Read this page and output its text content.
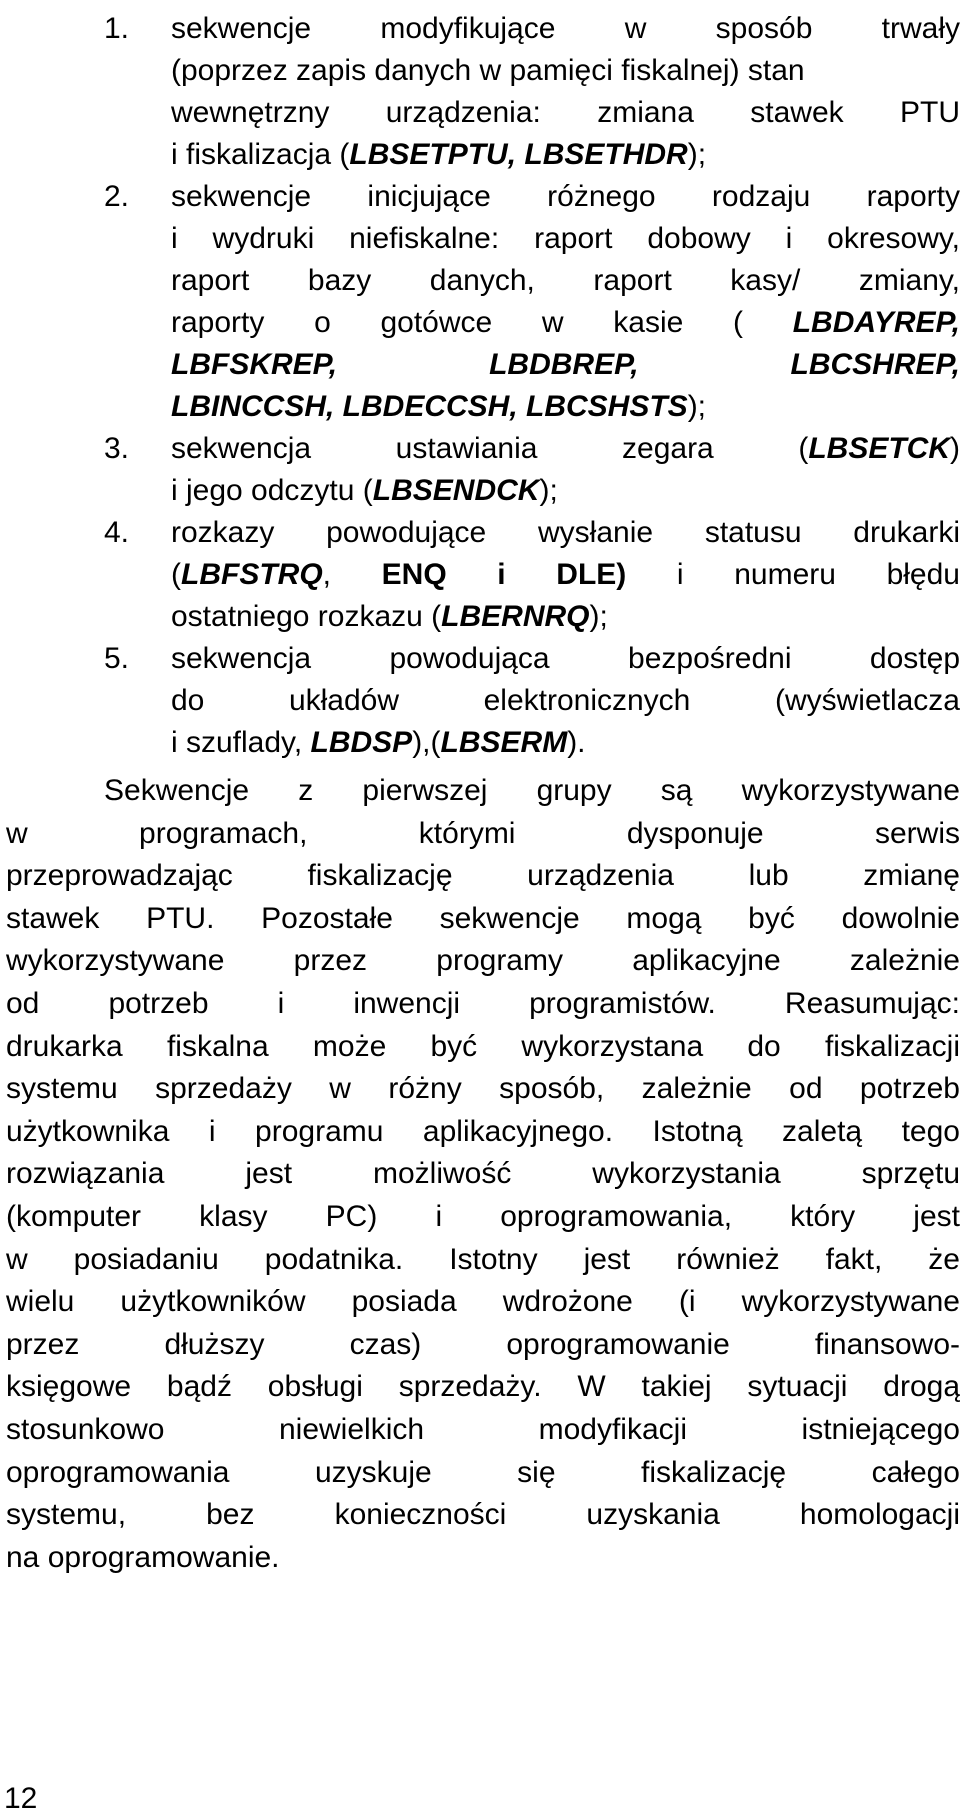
1. sekwencje modyfikujące w sposób trwały
(poprzez zapis danych w pamięci fiskalnej) stan
wewnętrzny urządzenia: zmiana stawek PTU
i fiskalizacja (LBSETPTU, LBSETHDR);
2. sekwencje inicjujące różnego rodzaju raporty
i wydruki niefiskalne: raport dobowy i okresowy,
raport bazy danych, raport kasy/ zmiany,
raporty o gotówce w kasie ( LBDAYREP,
LBFSKREP, LBDBREP, LBCSHREP,
LBINCCSH, LBDECCSH, LBCSHSTS);
3. sekwencja ustawiania zegara (LBSETCK)
i jego odczytu (LBSENDCK);
4. rozkazy powodujące wysłanie statusu drukarki
(LBFSTRQ, ENQ i DLE) i numeru błędu
ostatniego rozkazu (LBERNRQ);
5. sekwencja powodująca bezpośredni dostęp
do układów elektronicznych (wyświetlacza
i szuflady, LBDSP),(LBSERM).
Sekwencje z pierwszej grupy są wykorzystywane
w programach, którymi dysponuje serwis
przeprowadzając fiskalizację urządzenia lub zmianę
stawek PTU. Pozostałe sekwencje mogą być dowolnie
wykorzystywane przez programy aplikacyjne zależnie
od potrzeb i inwencji programistów. Reasumując:
drukarka fiskalna może być wykorzystana do fiskalizacji
systemu sprzedaży w różny sposób, zależnie od potrzeb
użytkownika i programu aplikacyjnego. Istotną zaletą tego
rozwiązania jest możliwość wykorzystania sprzętu
(komputer klasy PC) i oprogramowania, który jest
w posiadaniu podatnika. Istotny jest również fakt, że
wielu użytkowników posiada wdrożone (i wykorzystywane
przez dłuższy czas) oprogramowanie finansowo-
księgowe bądź obsługi sprzedaży. W takiej sytuacji drogą
stosunkowo niewielkich modyfikacji istniejącego
oprogramowania uzyskuje się fiskalizację całego
systemu, bez konieczności uzyskania homologacji
na oprogramowanie.
12
